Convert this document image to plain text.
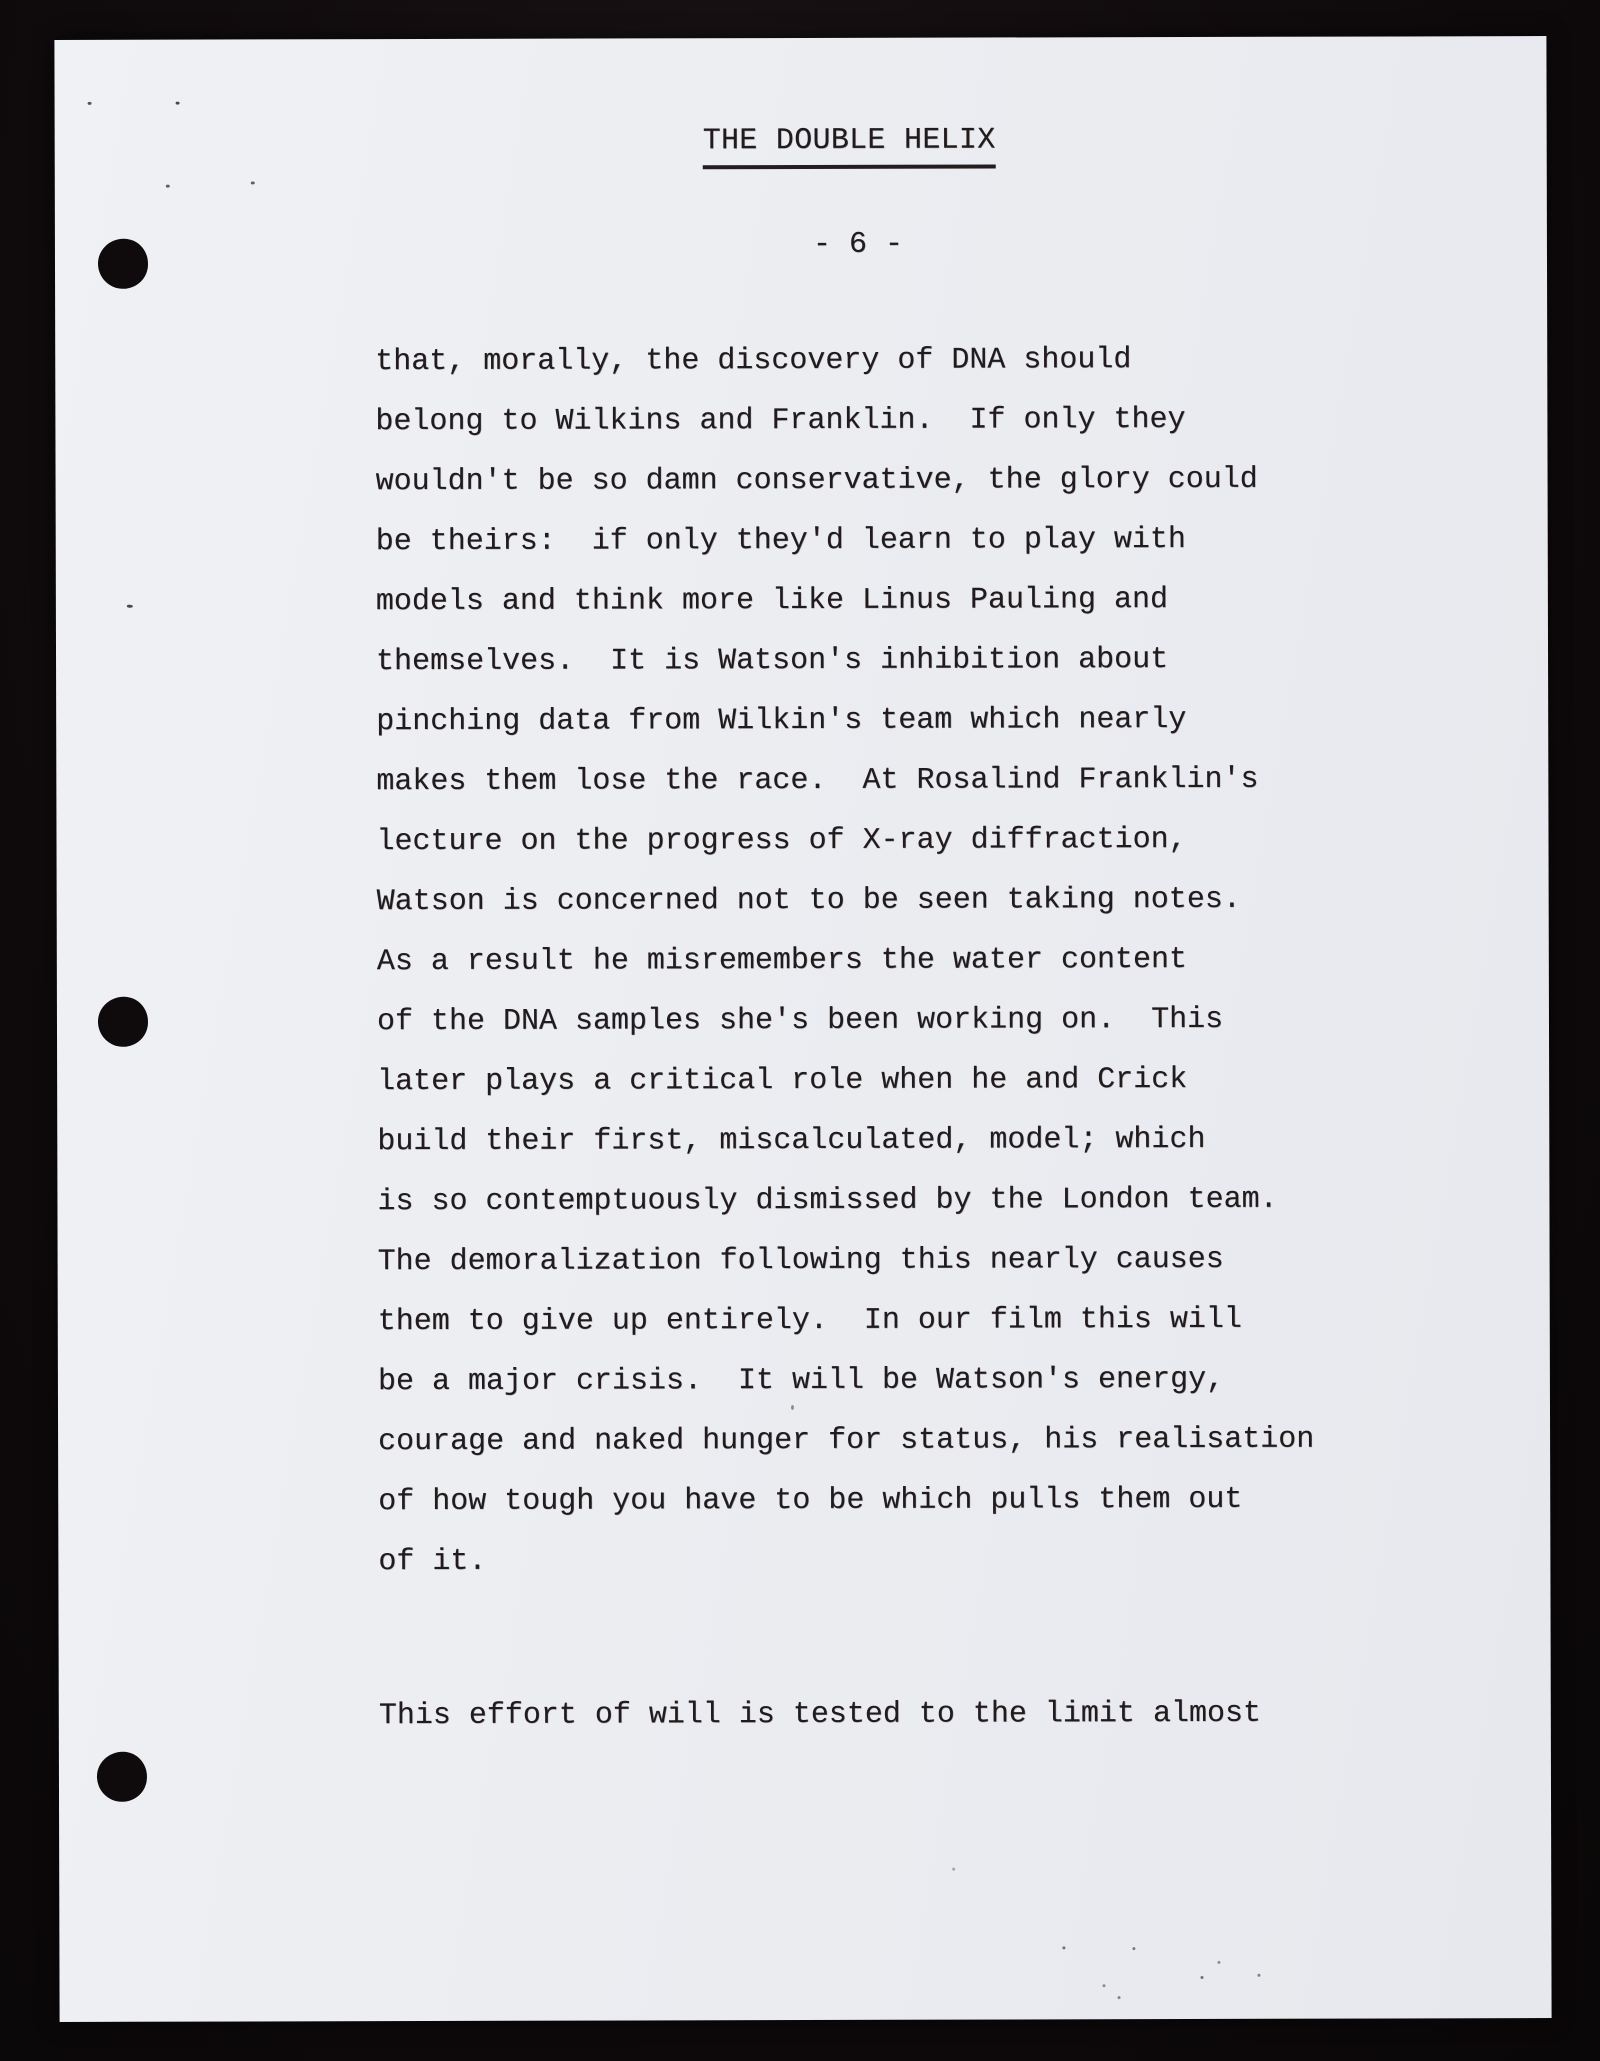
THE DOUBLE HELIX
- 6 -
that, morally, the discovery of DNA should
belong to Wilkins and Franklin.  If only they
wouldn't be so damn conservative, the glory could
be theirs:  if only they'd learn to play with
models and think more like Linus Pauling and
themselves.  It is Watson's inhibition about
pinching data from Wilkin's team which nearly
makes them lose the race.  At Rosalind Franklin's
lecture on the progress of X-ray diffraction,
Watson is concerned not to be seen taking notes.
As a result he misremembers the water content
of the DNA samples she's been working on.  This
later plays a critical role when he and Crick
build their first, miscalculated, model; which
is so contemptuously dismissed by the London team.
The demoralization following this nearly causes
them to give up entirely.  In our film this will
be a major crisis.  It will be Watson's energy,
courage and naked hunger for status, his realisation
of how tough you have to be which pulls them out
of it.
This effort of will is tested to the limit almost
